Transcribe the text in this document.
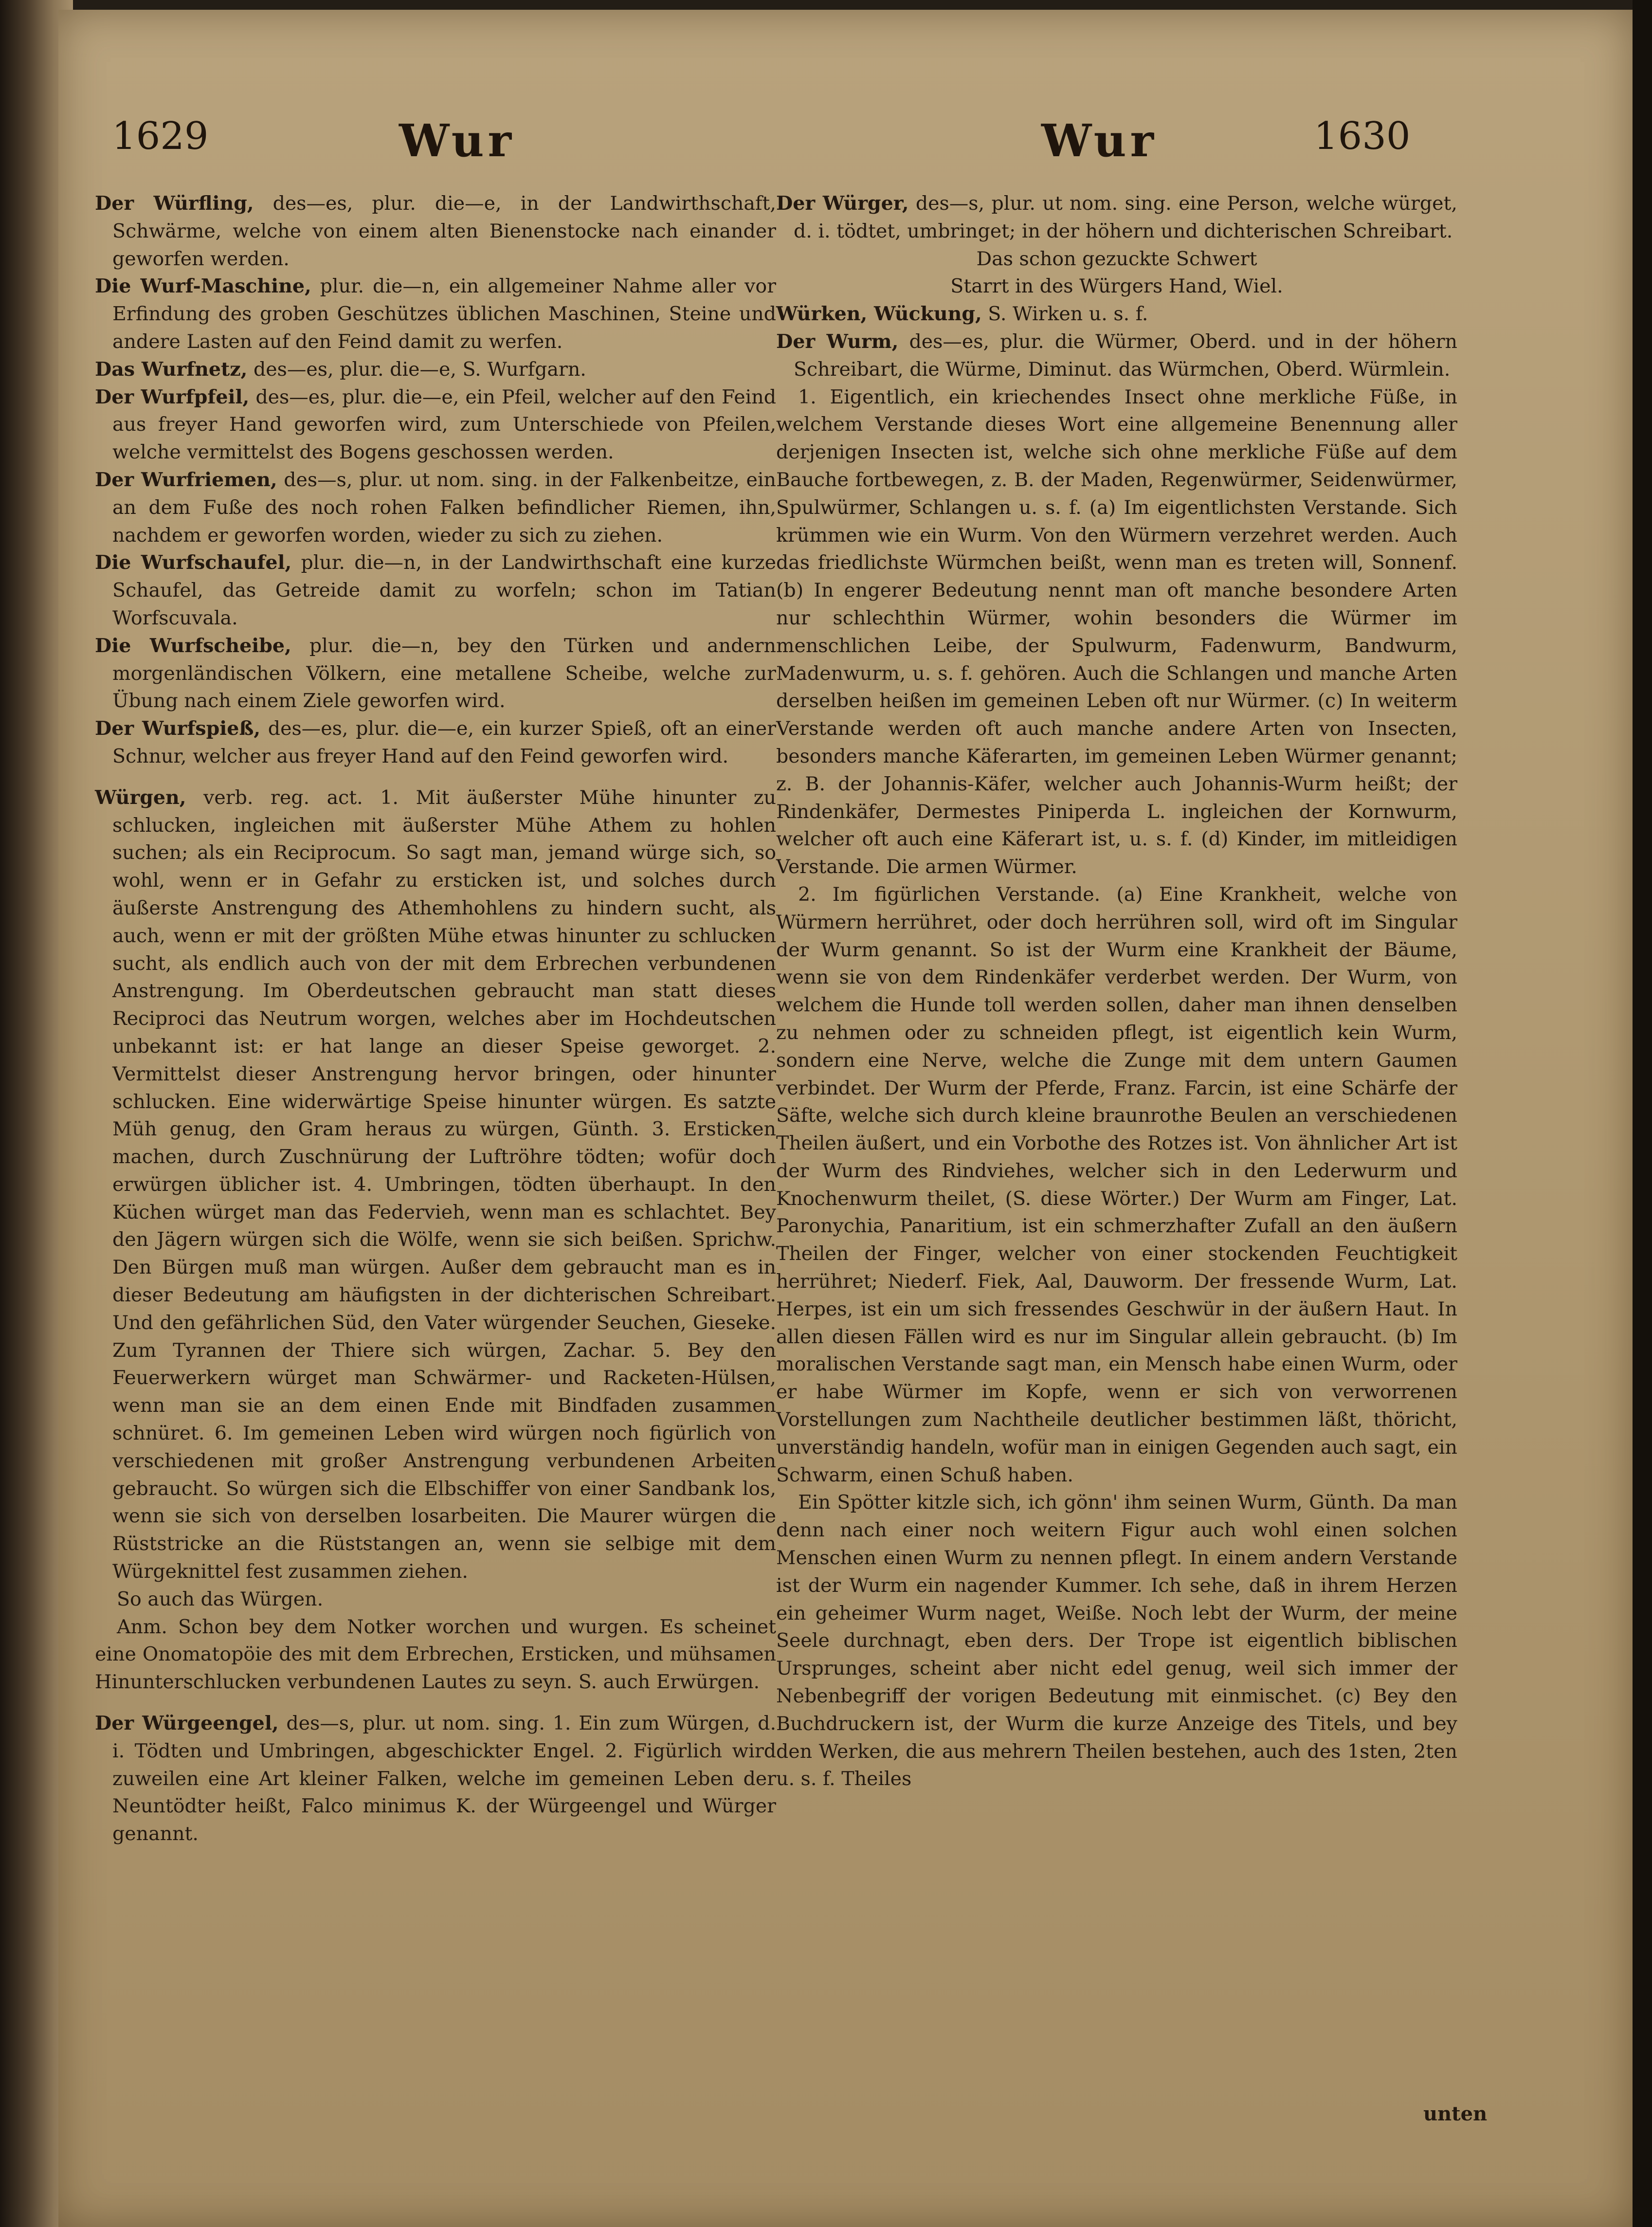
1629	Wur	Wur	1630

Der Würfling, des—es, plur. die—e, in der Landwirthschaft, Schwärme, welche von einem alten Bienenstocke nach einander geworfen werden.

Die Wurf-Maschine, plur. die—n, ein allgemeiner Nahme aller vor Erfindung des groben Geschützes üblichen Maschinen, Steine und andere Lasten auf den Feind damit zu werfen.

Das Wurfnetz, des—es, plur. die—e, S. Wurfgarn.

Der Wurfpfeil, des—es, plur. die—e, ein Pfeil, welcher auf den Feind aus freyer Hand geworfen wird, zum Unterschiede von Pfeilen, welche vermittelst des Bogens geschossen werden.

Der Wurfriemen, des—s, plur. ut nom. sing. in der Falkenbeitze, ein an dem Fuße des noch rohen Falken befindlicher Riemen, ihn, nachdem er geworfen worden, wieder zu sich zu ziehen.

Die Wurfschaufel, plur. die—n, in der Landwirthschaft eine kurze Schaufel, das Getreide damit zu worfeln; schon im Tatian Worfscuvala.

Die Wurfscheibe, plur. die—n, bey den Türken und andern morgenländischen Völkern, eine metallene Scheibe, welche zur Übung nach einem Ziele geworfen wird.

Der Wurfspieß, des—es, plur. die—e, ein kurzer Spieß, oft an einer Schnur, welcher aus freyer Hand auf den Feind geworfen wird.

Würgen, verb. reg. act. 1. Mit äußerster Mühe hinunter zu schlucken, ingleichen mit äußerster Mühe Athem zu hohlen suchen; als ein Reciprocum. So sagt man, jemand würge sich, so wohl, wenn er in Gefahr zu ersticken ist, und solches durch äußerste Anstrengung des Athemhohlens zu hindern sucht, als auch, wenn er mit der größten Mühe etwas hinunter zu schlucken sucht, als endlich auch von der mit dem Erbrechen verbundenen Anstrengung. Im Oberdeutschen gebraucht man statt dieses Reciproci das Neutrum worgen, welches aber im Hochdeutschen unbekannt ist: er hat lange an dieser Speise geworget. 2. Vermittelst dieser Anstrengung hervor bringen, oder hinunter schlucken. Eine widerwärtige Speise hinunter würgen. Es satzte Müh genug, den Gram heraus zu würgen, Günth. 3. Ersticken machen, durch Zuschnürung der Luftröhre tödten; wofür doch erwürgen üblicher ist. 4. Umbringen, tödten überhaupt. In den Küchen würget man das Federvieh, wenn man es schlachtet. Bey den Jägern würgen sich die Wölfe, wenn sie sich beißen. Sprichw. Den Bürgen muß man würgen. Außer dem gebraucht man es in dieser Bedeutung am häufigsten in der dichterischen Schreibart. Und den gefährlichen Süd, den Vater würgender Seuchen, Gieseke. Zum Tyrannen der Thiere sich würgen, Zachar. 5. Bey den Feuerwerkern würget man Schwärmer- und Racketen-Hülsen, wenn man sie an dem einen Ende mit Bindfaden zusammen schnüret. 6. Im gemeinen Leben wird würgen noch figürlich von verschiedenen mit großer Anstrengung verbundenen Arbeiten gebraucht. So würgen sich die Elbschiffer von einer Sandbank los, wenn sie sich von derselben losarbeiten. Die Maurer würgen die Rüststricke an die Rüststangen an, wenn sie selbige mit dem Würgeknittel fest zusammen ziehen.

So auch das Würgen.

Anm. Schon bey dem Notker worchen und wurgen. Es scheinet eine Onomatopöie des mit dem Erbrechen, Ersticken, und mühsamen Hinunterschlucken verbundenen Lautes zu seyn. S. auch Erwürgen.

Der Würgeengel, des—s, plur. ut nom. sing. 1. Ein zum Würgen, d. i. Tödten und Umbringen, abgeschickter Engel. 2. Figürlich wird zuweilen eine Art kleiner Falken, welche im gemeinen Leben der Neuntödter heißt, Falco minimus K. der Würgeengel und Würger genannt.

Der Würger, des—s, plur. ut nom. sing. eine Person, welche würget, d. i. tödtet, umbringet; in der höhern und dichterischen Schreibart.

Das schon gezuckte Schwert

Starrt in des Würgers Hand, Wiel.

Würken, Wückung, S. Wirken u. s. f.

Der Wurm, des—es, plur. die Würmer, Oberd. und in der höhern Schreibart, die Würme, Diminut. das Würmchen, Oberd. Würmlein.

1. Eigentlich, ein kriechendes Insect ohne merkliche Füße, in welchem Verstande dieses Wort eine allgemeine Benennung aller derjenigen Insecten ist, welche sich ohne merkliche Füße auf dem Bauche fortbewegen, z. B. der Maden, Regenwürmer, Seidenwürmer, Spulwürmer, Schlangen u. s. f. (a) Im eigentlichsten Verstande. Sich krümmen wie ein Wurm. Von den Würmern verzehret werden. Auch das friedlichste Würmchen beißt, wenn man es treten will, Sonnenf. (b) In engerer Bedeutung nennt man oft manche besondere Arten nur schlechthin Würmer, wohin besonders die Würmer im menschlichen Leibe, der Spulwurm, Fadenwurm, Bandwurm, Madenwurm, u. s. f. gehören. Auch die Schlangen und manche Arten derselben heißen im gemeinen Leben oft nur Würmer. (c) In weiterm Verstande werden oft auch manche andere Arten von Insecten, besonders manche Käferarten, im gemeinen Leben Würmer genannt; z. B. der Johannis-Käfer, welcher auch Johannis-Wurm heißt; der Rindenkäfer, Dermestes Piniperda L. ingleichen der Kornwurm, welcher oft auch eine Käferart ist, u. s. f. (d) Kinder, im mitleidigen Verstande. Die armen Würmer.

2. Im figürlichen Verstande. (a) Eine Krankheit, welche von Würmern herrühret, oder doch herrühren soll, wird oft im Singular der Wurm genannt. So ist der Wurm eine Krankheit der Bäume, wenn sie von dem Rindenkäfer verderbet werden. Der Wurm, von welchem die Hunde toll werden sollen, daher man ihnen denselben zu nehmen oder zu schneiden pflegt, ist eigentlich kein Wurm, sondern eine Nerve, welche die Zunge mit dem untern Gaumen verbindet. Der Wurm der Pferde, Franz. Farcin, ist eine Schärfe der Säfte, welche sich durch kleine braunrothe Beulen an verschiedenen Theilen äußert, und ein Vorbothe des Rotzes ist. Von ähnlicher Art ist der Wurm des Rindviehes, welcher sich in den Lederwurm und Knochenwurm theilet, (S. diese Wörter.) Der Wurm am Finger, Lat. Paronychia, Panaritium, ist ein schmerzhafter Zufall an den äußern Theilen der Finger, welcher von einer stockenden Feuchtigkeit herrühret; Niederf. Fiek, Aal, Dauworm. Der fressende Wurm, Lat. Herpes, ist ein um sich fressendes Geschwür in der äußern Haut. In allen diesen Fällen wird es nur im Singular allein gebraucht. (b) Im moralischen Verstande sagt man, ein Mensch habe einen Wurm, oder er habe Würmer im Kopfe, wenn er sich von verworrenen Vorstellungen zum Nachtheile deutlicher bestimmen läßt, thöricht, unverständig handeln, wofür man in einigen Gegenden auch sagt, ein Schwarm, einen Schuß haben.

Ein Spötter kitzle sich, ich gönn' ihm seinen Wurm, Günth. Da man denn nach einer noch weitern Figur auch wohl einen solchen Menschen einen Wurm zu nennen pflegt. In einem andern Verstande ist der Wurm ein nagender Kummer. Ich sehe, daß in ihrem Herzen ein geheimer Wurm naget, Weiße. Noch lebt der Wurm, der meine Seele durchnagt, eben ders. Der Trope ist eigentlich biblischen Ursprunges, scheint aber nicht edel genug, weil sich immer der Nebenbegriff der vorigen Bedeutung mit einmischet. (c) Bey den Buchdruckern ist, der Wurm die kurze Anzeige des Titels, und bey den Werken, die aus mehrern Theilen bestehen, auch des 1sten, 2ten u. s. f. Theiles

unten
